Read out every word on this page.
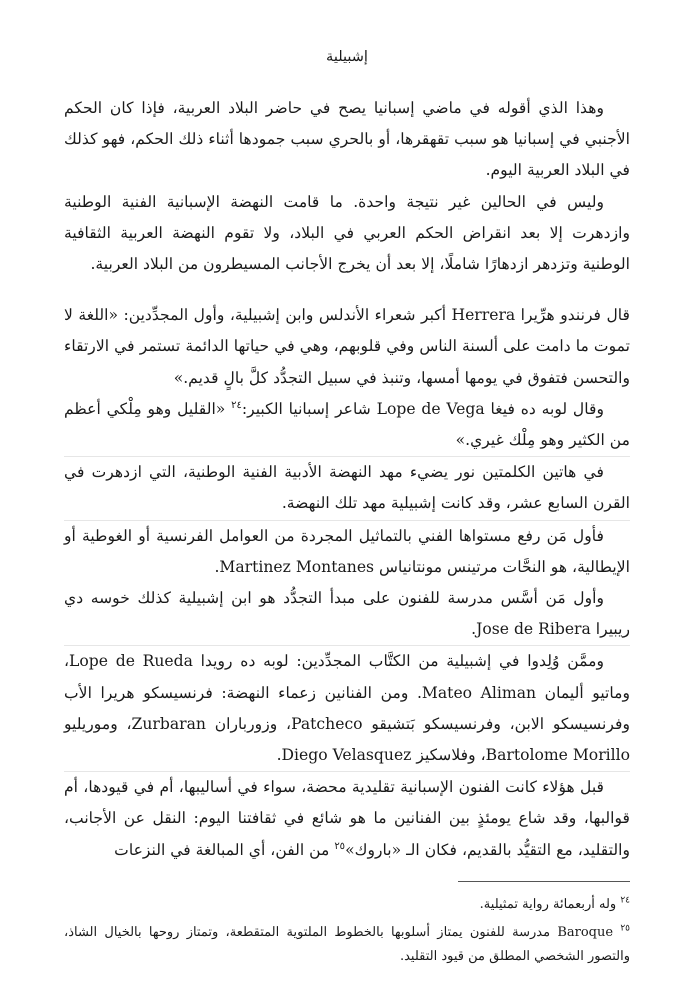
إشبيلية

وهذا الذي أقوله في ماضي إسبانيا يصح في حاضر البلاد العربية، فإذا كان الحكم الأجنبي في إسبانيا هو سبب تقهقرها، أو بالحري سبب جمودها أثناء ذلك الحكم، فهو كذلك في البلاد العربية اليوم.

وليس في الحالين غير نتيجة واحدة. ما قامت النهضة الإسبانية الفنية الوطنية وازدهرت إلا بعد انقراض الحكم العربي في البلاد، ولا تقوم النهضة العربية الثقافية الوطنية وتزدهر ازدهارًا شاملًا، إلا بعد أن يخرج الأجانب المسيطرون من البلاد العربية.

قال فرنندو هرِّيرا Herrera أكبر شعراء الأندلس وابن إشبيلية، وأول المجدِّدين: «اللغة لا تموت ما دامت على ألسنة الناس وفي قلوبهم، وهي في حياتها الدائمة تستمر في الارتقاء والتحسن فتفوق في يومها أمسها، وتنبذ في سبيل التجدُّد كلَّ بالٍ قديم.»

وقال لوبه ده فيغا Lope de Vega شاعر إسبانيا الكبير:$^{٢٤}$ «القليل وهو مِلْكي أعظم من الكثير وهو مِلْك غيري.»

في هاتين الكلمتين نور يضيء مهد النهضة الأدبية الفنية الوطنية، التي ازدهرت في القرن السابع عشر، وقد كانت إشبيلية مهد تلك النهضة.

فأول مَن رفع مستواها الفني بالتماثيل المجردة من العوامل الفرنسية أو الغوطية أو الإيطالية، هو النحَّات مرتينس مونتانياس Martinez Montanes.

وأول مَن أسَّس مدرسة للفنون على مبدأ التجدُّد هو ابن إشبيلية كذلك خوسه دي ريبيرا Jose de Ribera.

وممَّن وُلِدوا في إشبيلية من الكتَّاب المجدِّدين: لوبه ده رويدا Lope de Rueda، وماتيو أليمان Mateo Aliman. ومن الفنانين زعماء النهضة: فرنسيسكو هريرا الأب وفرنسيسكو الابن، وفرنسيسكو بَتشيقو Patcheco، وزورباران Zurbaran، وموريليو Bartolome Morillo، وفلاسكيز Diego Velasquez.

قبل هؤلاء كانت الفنون الإسبانية تقليدية محضة، سواء في أساليبها، أم في قيودها، أم قوالبها، وقد شاع يومئذٍ بين الفنانين ما هو شائع في ثقافتنا اليوم: النقل عن الأجانب، والتقليد، مع التقيُّد بالقديم، فكان الـ «باروك»$^{٢٥}$ من الفن، أي المبالغة في النزعات

$^{٢٤}$ وله أربعمائة رواية تمثيلية.

$^{٢٥}$ Baroque مدرسة للفنون يمتاز أسلوبها بالخطوط الملتوية المتقطعة، وتمتاز روحها بالخيال الشاذ، والتصور الشخصي المطلق من قيود التقليد.
